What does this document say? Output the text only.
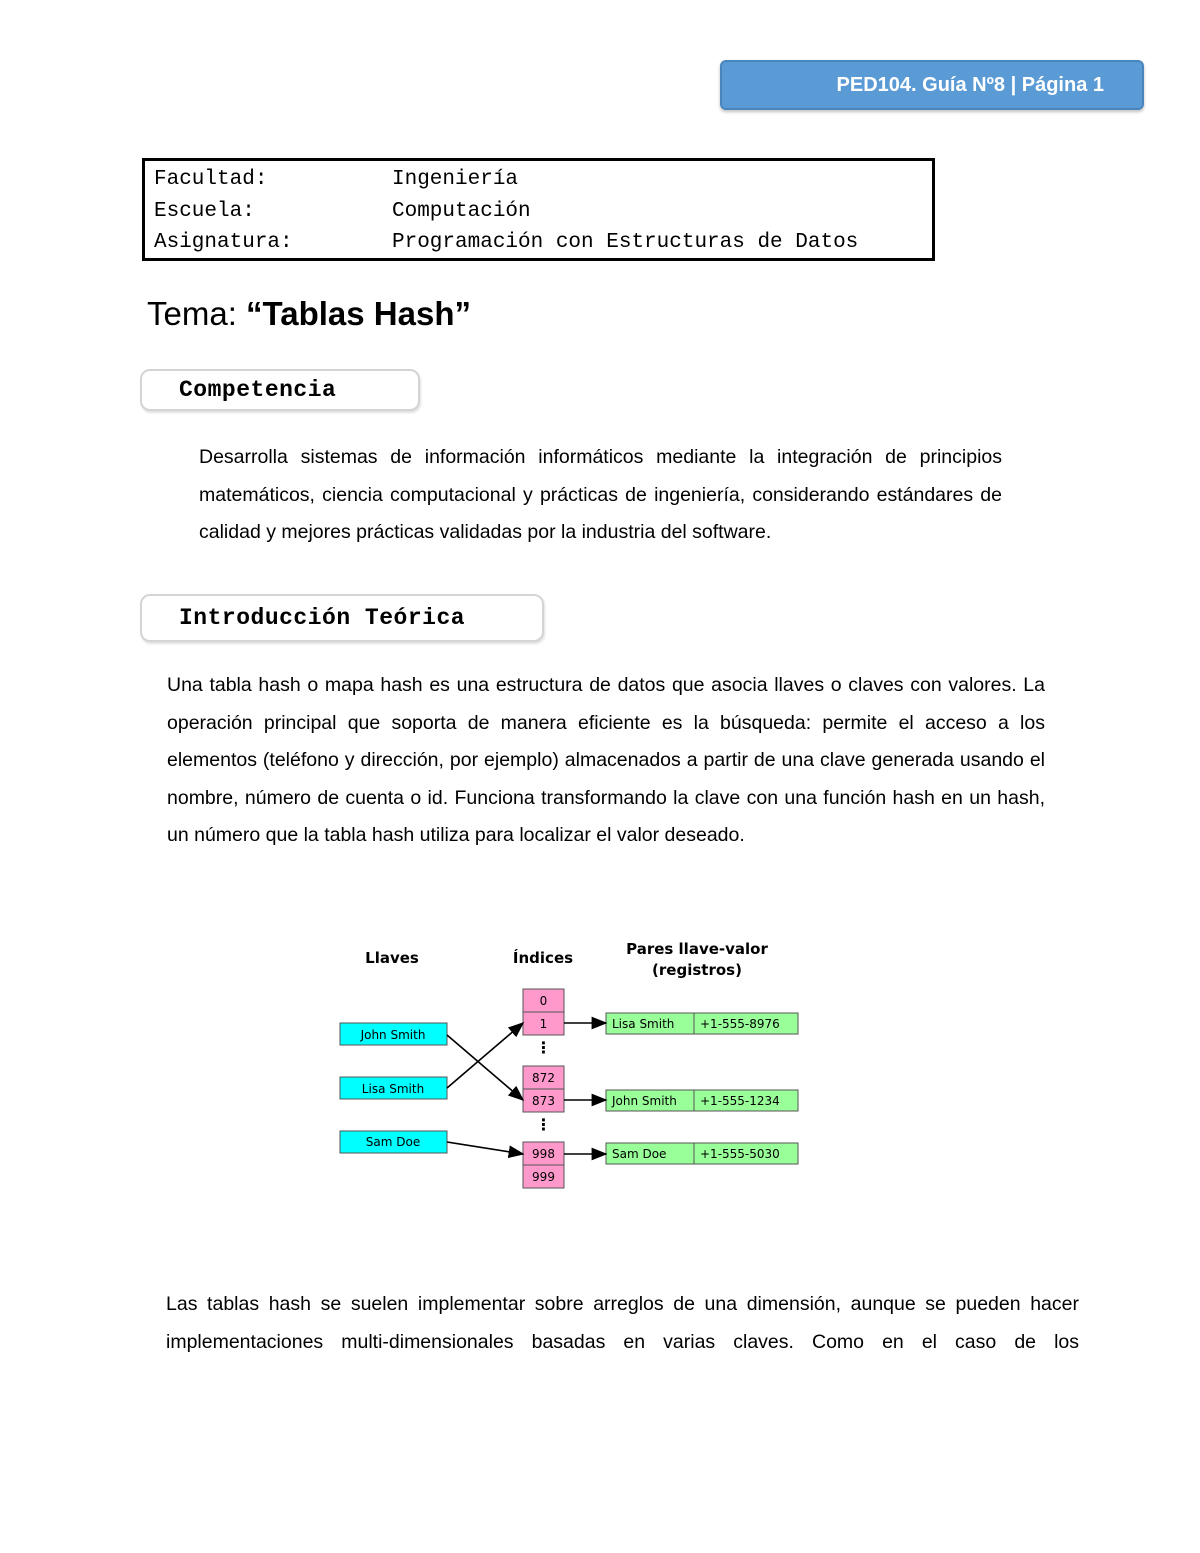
PED104. Guía Nº8 | Página 1
Facultad:	Ingeniería
Escuela:	Computación
Asignatura:	Programación con Estructuras de Datos
Tema: “Tablas Hash”
Competencia
Desarrolla sistemas de información informáticos mediante la integración de principios matemáticos, ciencia computacional y prácticas de ingeniería, considerando estándares de calidad y mejores prácticas validadas por la industria del software.
Introducción Teórica
Una tabla hash o mapa hash es una estructura de datos que asocia llaves o claves con valores. La operación principal que soporta de manera eficiente es la búsqueda: permite el acceso a los elementos (teléfono y dirección, por ejemplo) almacenados a partir de una clave generada usando el nombre, número de cuenta o id. Funciona transformando la clave con una función hash en un hash, un número que la tabla hash utiliza para localizar el valor deseado.
Llaves	Índices	Pares llave-valor
(registros)
John Smith
Lisa Smith
Sam Doe
0
1
⋮
872
873
⋮
998
999
Lisa Smith +1-555-8976
John Smith +1-555-1234
Sam Doe	+1-555-5030
Las tablas hash se suelen implementar sobre arreglos de una dimensión, aunque se pueden hacer implementaciones multi-dimensionales basadas en varias claves. Como en el caso de los
